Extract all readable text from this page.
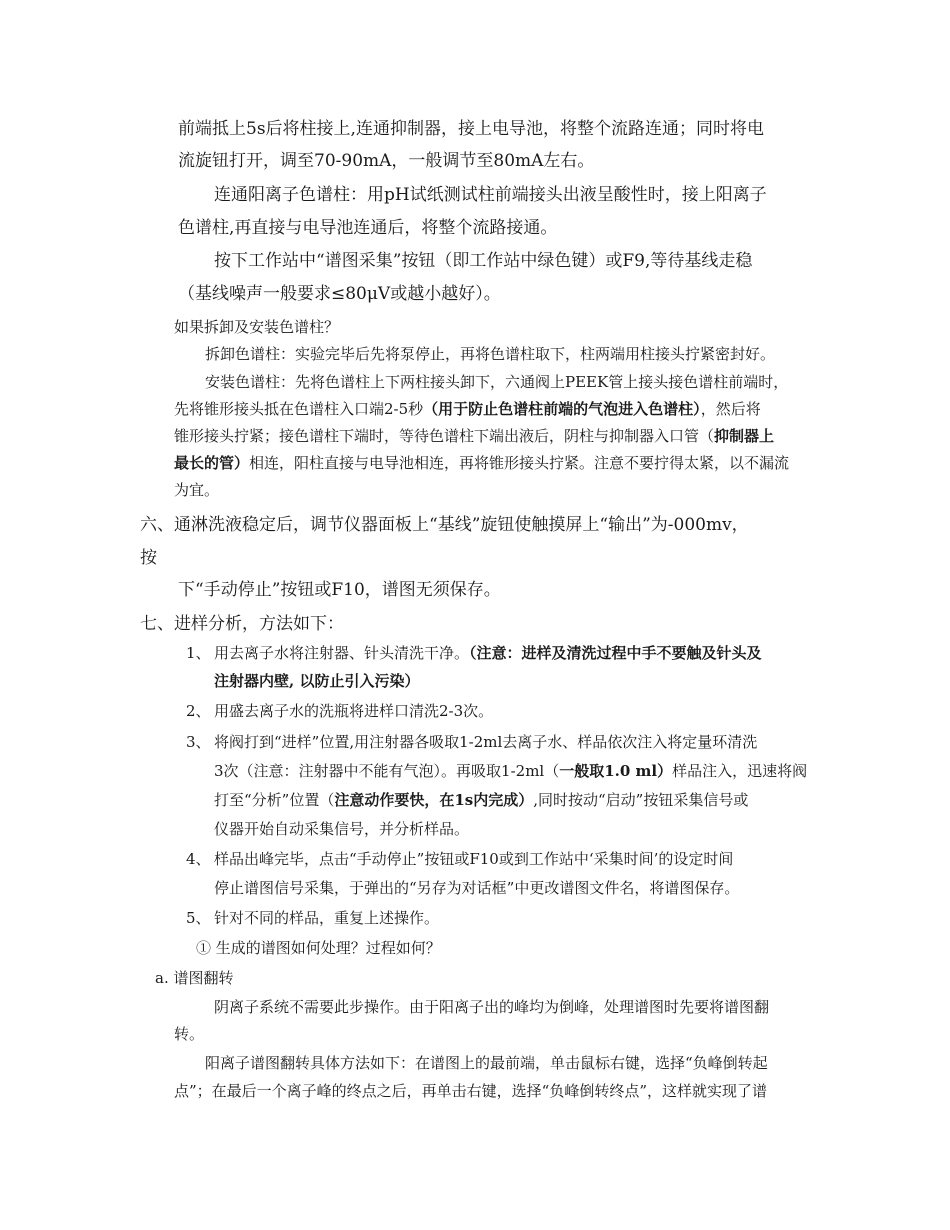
前端抵上5s后将柱接上,连通抑制器，接上电导池，将整个流路连通；同时将电
流旋钮打开，调至70-90mA，一般调节至80mA左右。
连通阳离子色谱柱：用pH试纸测试柱前端接头出液呈酸性时，接上阳离子
色谱柱,再直接与电导池连通后，将整个流路接通。
按下工作站中“谱图采集”按钮（即工作站中绿色键）或F9,等待基线走稳
（基线噪声一般要求≤80μV或越小越好）。
如果拆卸及安装色谱柱？
拆卸色谱柱：实验完毕后先将泵停止，再将色谱柱取下，柱两端用柱接头拧紧密封好。
安装色谱柱：先将色谱柱上下两柱接头卸下，六通阀上PEEK管上接头接色谱柱前端时，
先将锥形接头抵在色谱柱入口端2-5秒（用于防止色谱柱前端的气泡进入色谱柱），然后将
锥形接头拧紧；接色谱柱下端时，等待色谱柱下端出液后，阴柱与抑制器入口管（抑制器上
最长的管）相连，阳柱直接与电导池相连，再将锥形接头拧紧。注意不要拧得太紧，以不漏流
为宜。
六、通淋洗液稳定后，调节仪器面板上“基线”旋钮使触摸屏上“输出”为-000mv，
按
下“手动停止”按钮或F10，谱图无须保存。
七、进样分析，方法如下：
1、 用去离子水将注射器、针头清洗干净。（注意：进样及清洗过程中手不要触及针头及
注射器内壁, 以防止引入污染）
2、 用盛去离子水的洗瓶将进样口清洗2-3次。
3、 将阀打到“进样”位置,用注射器各吸取1-2ml去离子水、样品依次注入将定量环清洗
3次（注意：注射器中不能有气泡）。再吸取1-2ml（一般取1.0 ml）样品注入，迅速将阀
打至“分析”位置（注意动作要快，在1s内完成）,同时按动“启动”按钮采集信号或
仪器开始自动采集信号，并分析样品。
4、 样品出峰完毕，点击“手动停止”按钮或F10或到工作站中‘采集时间’的设定时间
停止谱图信号采集，于弹出的“另存为对话框”中更改谱图文件名，将谱图保存。
5、 针对不同的样品，重复上述操作。
① 生成的谱图如何处理？过程如何？
a. 谱图翻转
阴离子系统不需要此步操作。由于阳离子出的峰均为倒峰，处理谱图时先要将谱图翻
转。
阳离子谱图翻转具体方法如下：在谱图上的最前端，单击鼠标右键，选择“负峰倒转起
点”；在最后一个离子峰的终点之后，再单击右键，选择“负峰倒转终点”，这样就实现了谱
